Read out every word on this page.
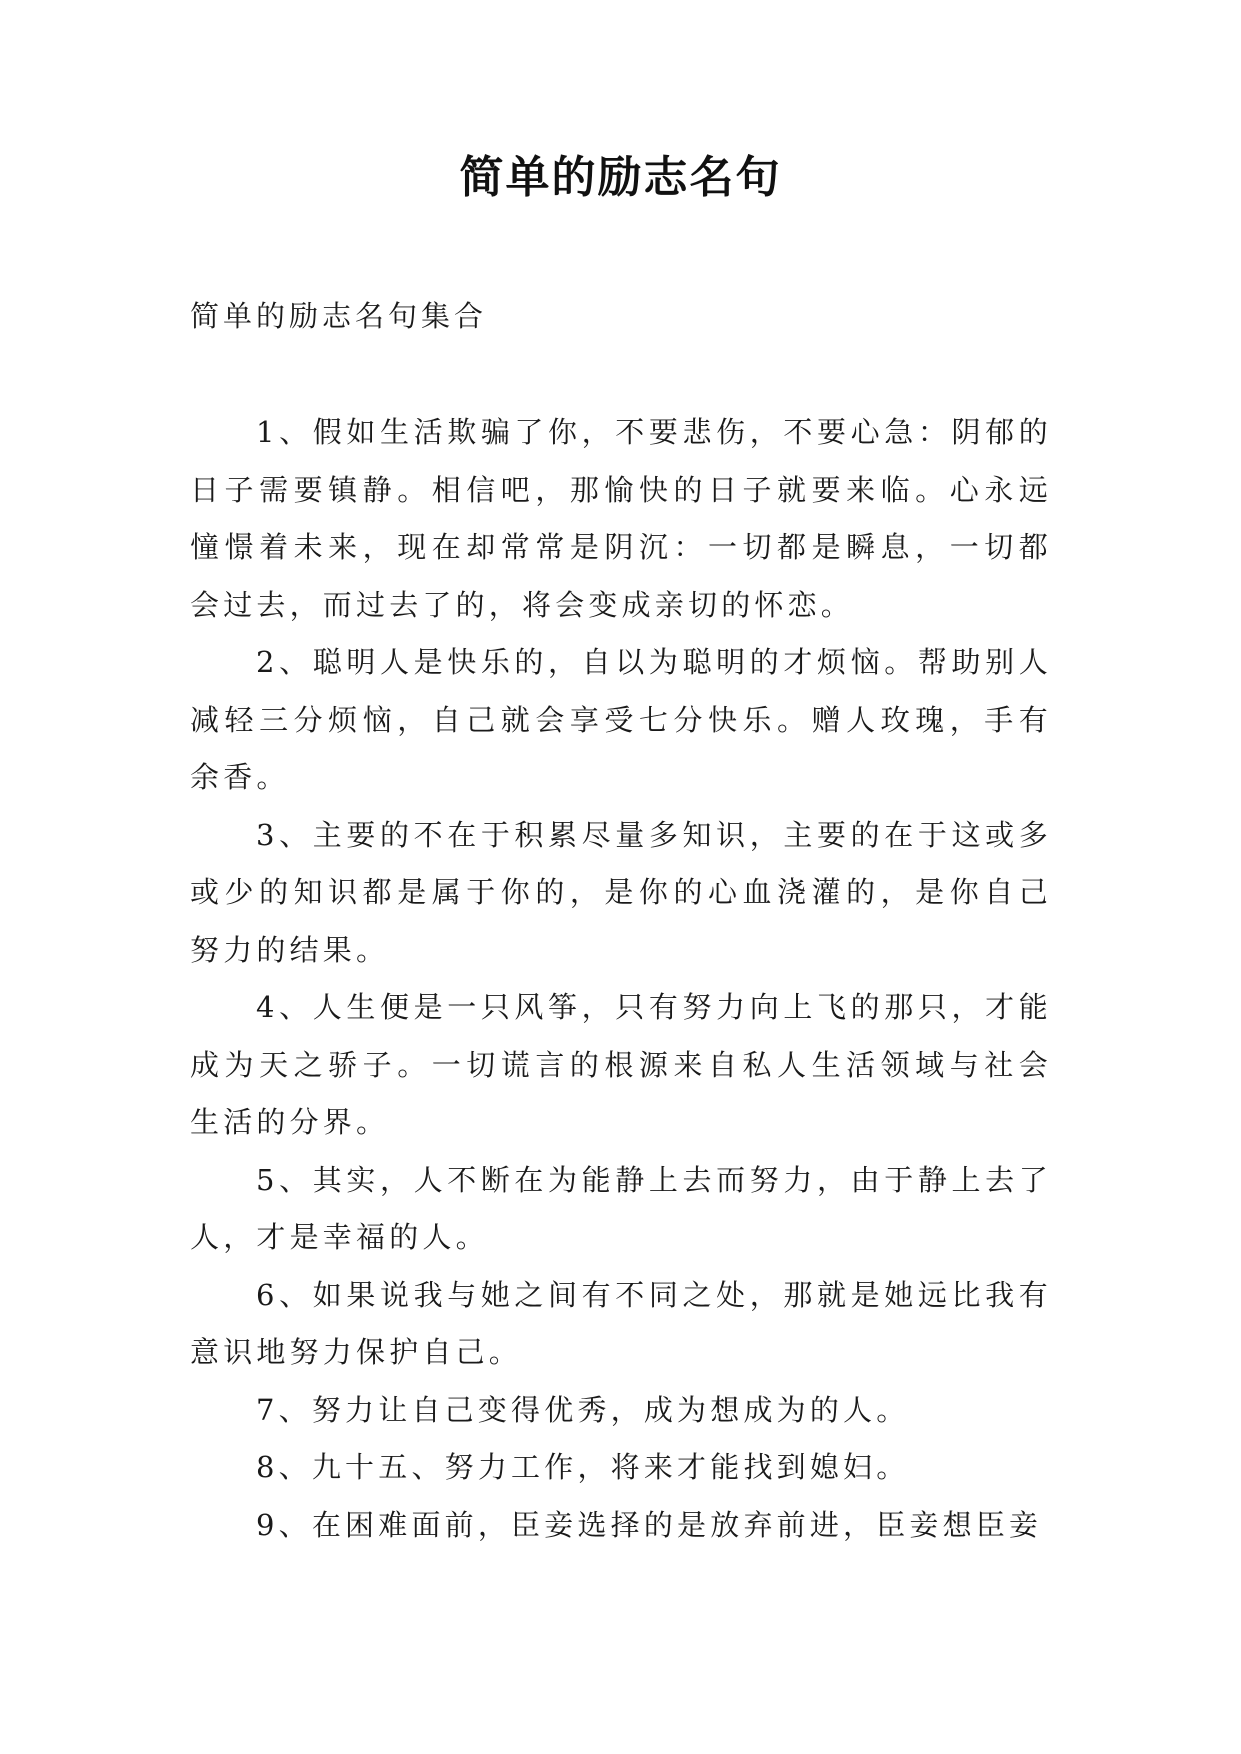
简单的励志名句

简单的励志名句集合

1、假如生活欺骗了你，不要悲伤，不要心急：阴郁的日子需要镇静。相信吧，那愉快的日子就要来临。心永远憧憬着未来，现在却常常是阴沉：一切都是瞬息，一切都会过去，而过去了的，将会变成亲切的怀恋。

2、聪明人是快乐的，自以为聪明的才烦恼。帮助别人减轻三分烦恼，自己就会享受七分快乐。赠人玫瑰，手有余香。

3、主要的不在于积累尽量多知识，主要的在于这或多或少的知识都是属于你的，是你的心血浇灌的，是你自己努力的结果。

4、人生便是一只风筝，只有努力向上飞的那只，才能成为天之骄子。一切谎言的根源来自私人生活领域与社会生活的分界。

5、其实，人不断在为能静上去而努力，由于静上去了人，才是幸福的人。

6、如果说我与她之间有不同之处，那就是她远比我有意识地努力保护自己。

7、努力让自己变得优秀，成为想成为的人。

8、九十五、努力工作，将来才能找到媳妇。

9、在困难面前，臣妾选择的是放弃前进，臣妾想臣妾
